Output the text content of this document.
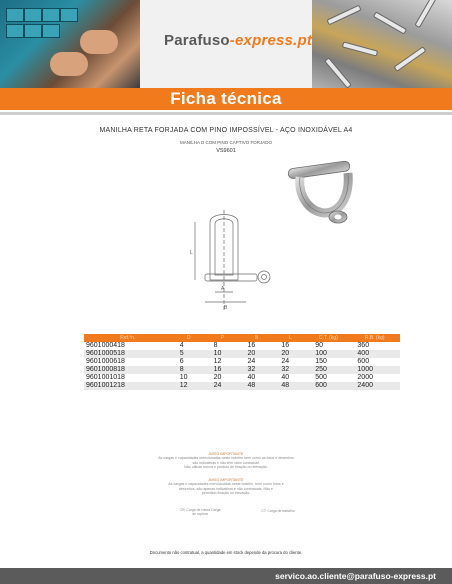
Parafuso-express.pt
Ficha técnica
MANILHA RETA FORJADA COM PINO IMPOSSÍVEL - AÇO INOXIDÁVEL A4
MANILHA D COM PINO CAPTIVO FORJADO
VS9601
L
A
B
Ref.ªn.	D	P	B	L	C.T. (kg)	R.B. (kg)
9601000418	4	8	16	16	90	360
9601000518	5	10	20	20	100	400
9601000618	6	12	24	24	150	600
9601000818	8	16	32	32	250	1000
9601001018	10	20	40	40	500	2000
9601001218	12	24	48	48	600	2400
AVISO IMPORTANTE
As cargas e capacidades mencionadas neste boletim bem como as fotos e desenhos
são indicativas e não têm valor contratual.
Não utilizar nunca o produto de fixação ou elevação.
AVISO IMPORTANTE
As cargas e capacidades mencionadas neste boletim, bem como fotos e
desenhos, são apenas indicativos e não contratuais. Não é
permitido fixação ou elevação.
CR: Carga de rotura Carga
de ruptura
CT: Carga de trabalho
Documento não contratual, a quantidade em stock depende da procura do cliente.
servico.ao.cliente@parafuso-express.pt
